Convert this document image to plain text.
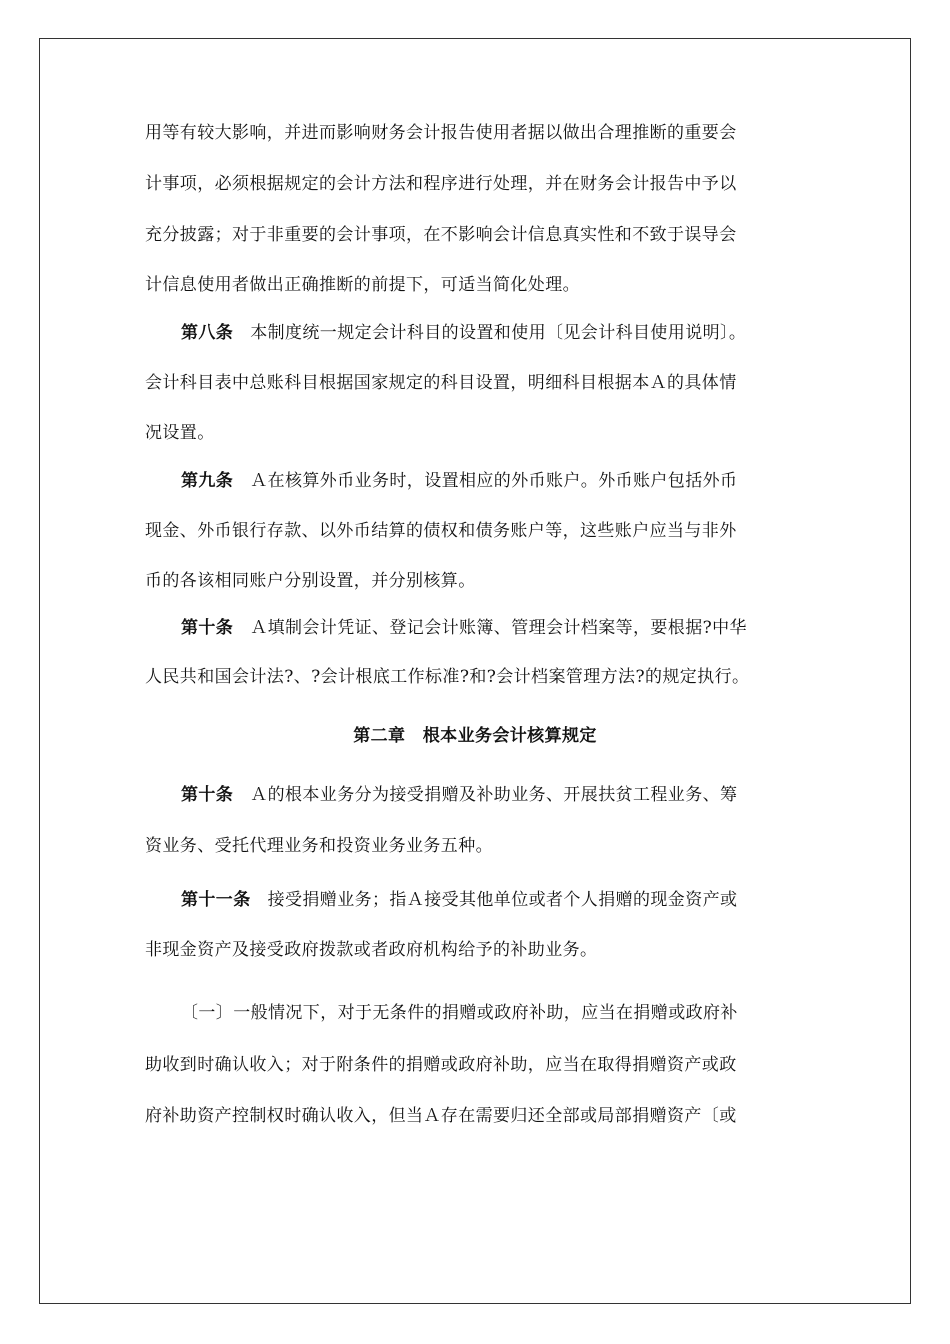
用等有较大影响，并进而影响财务会计报告使用者据以做出合理推断的重要会
计事项，必须根据规定的会计方法和程序进行处理，并在财务会计报告中予以
充分披露；对于非重要的会计事项，在不影响会计信息真实性和不致于误导会
计信息使用者做出正确推断的前提下，可适当简化处理。
第八条 本制度统一规定会计科目的设置和使用〔见会计科目使用说明〕。
会计科目表中总账科目根据国家规定的科目设置，明细科目根据本Ａ的具体情
况设置。
第九条 Ａ在核算外币业务时，设置相应的外币账户。外币账户包括外币
现金、外币银行存款、以外币结算的债权和债务账户等，这些账户应当与非外
币的各该相同账户分别设置，并分别核算。
第十条 Ａ填制会计凭证、登记会计账簿、管理会计档案等，要根据?中华
人民共和国会计法?、?会计根底工作标准?和?会计档案管理方法?的规定执行。
第二章　根本业务会计核算规定
第十条 Ａ的根本业务分为接受捐赠及补助业务、开展扶贫工程业务、筹
资业务、受托代理业务和投资业务业务五种。
第十一条 接受捐赠业务；指Ａ接受其他单位或者个人捐赠的现金资产或
非现金资产及接受政府拨款或者政府机构给予的补助业务。
〔一〕一般情况下，对于无条件的捐赠或政府补助，应当在捐赠或政府补
助收到时确认收入；对于附条件的捐赠或政府补助，应当在取得捐赠资产或政
府补助资产控制权时确认收入，但当Ａ存在需要归还全部或局部捐赠资产〔或
